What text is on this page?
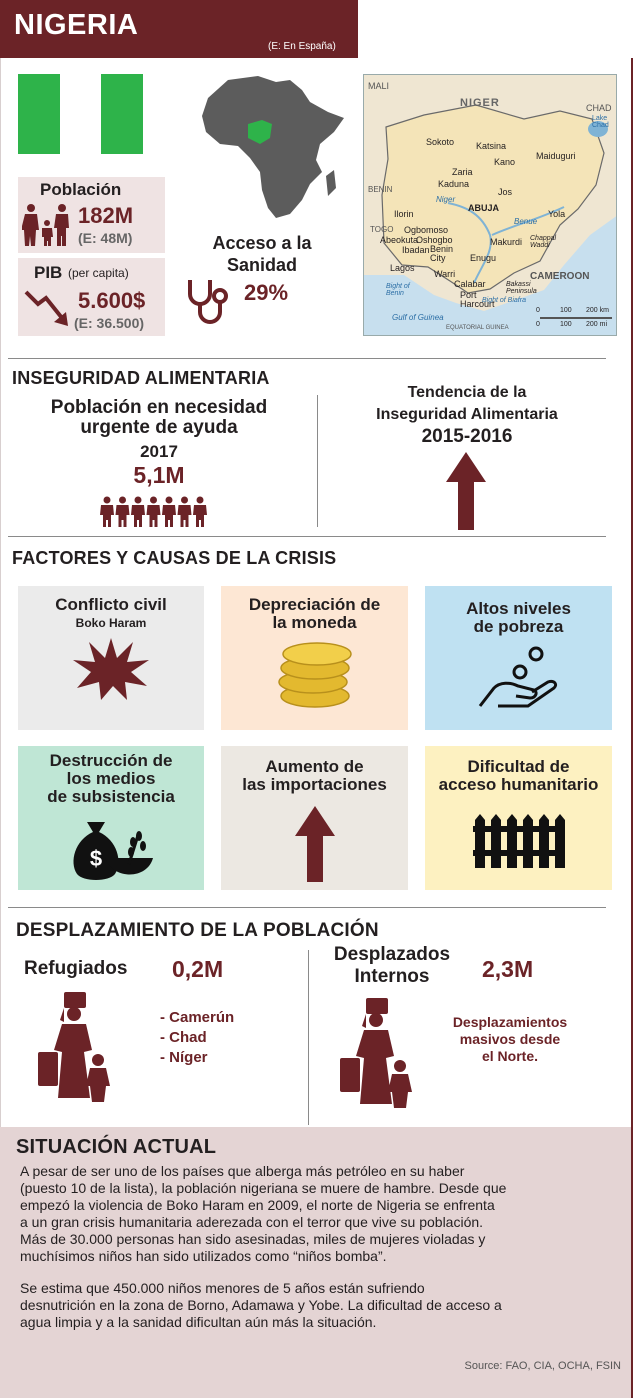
NIGERIA
(E: En España)
Población
182M
(E: 48M)
PIB (per capita)
5.600$
(E: 36.500)
Acceso a la
Sanidad
29%
MALI
NIGER	CHAD
Lake Chad
BENIN
TOGO
CAMEROON
Sokoto Katsina
Kano
Maiduguri
Zaria
Kaduna
Jos
ABUJA
Yola
Ilorin
Ogbomoso
Oshogbo
Abeokuta
Ibadan
Lagos
Benin City
Warri
Enugu
Makurdi
Calabar
Port Harcourt
Niger
Benue
Bight of Benin
Gulf of Guinea
Bight of Biafra
Bakassi Peninsula
Chappal Waddi
EQUATORIAL GUINEA
0	100 200 km
0	100 200 mi
INSEGURIDAD ALIMENTARIA
Población en necesidad
urgente de ayuda
2017
5,1M
Tendencia de la
Inseguridad Alimentaria
2015-2016
FACTORES Y CAUSAS DE LA CRISIS
Conflicto civil
Boko Haram
Depreciación de
la moneda
Altos niveles
de pobreza
Destrucción de
los medios
de subsistencia
$
Aumento de
las importaciones
Dificultad de
acceso humanitario
DESPLAZAMIENTO DE LA POBLACIÓN
Refugiados 0,2M
- Camerún
- Chad
- Níger
Desplazados
Internos	2,3M
Desplazamientos
masivos desde
el Norte.
SITUACIÓN ACTUAL
A pesar de ser uno de los países que alberga más petróleo en su haber
(puesto 10 de la lista), la población nigeriana se muere de hambre. Desde que
empezó la violencia de Boko Haram en 2009, el norte de Nigeria se enfrenta
a un gran crisis humanitaria aderezada con el terror que vive su población.
Más de 30.000 personas han sido asesinadas, miles de mujeres violadas y
muchísimos niños han sido utilizados como “niños bomba”.
Se estima que 450.000 niños menores de 5 años están sufriendo
desnutrición en la zona de Borno, Adamawa y Yobe. La dificultad de acceso a
agua limpia y a la sanidad dificultan aún más la situación.
Source: FAO, CIA, OCHA, FSIN
